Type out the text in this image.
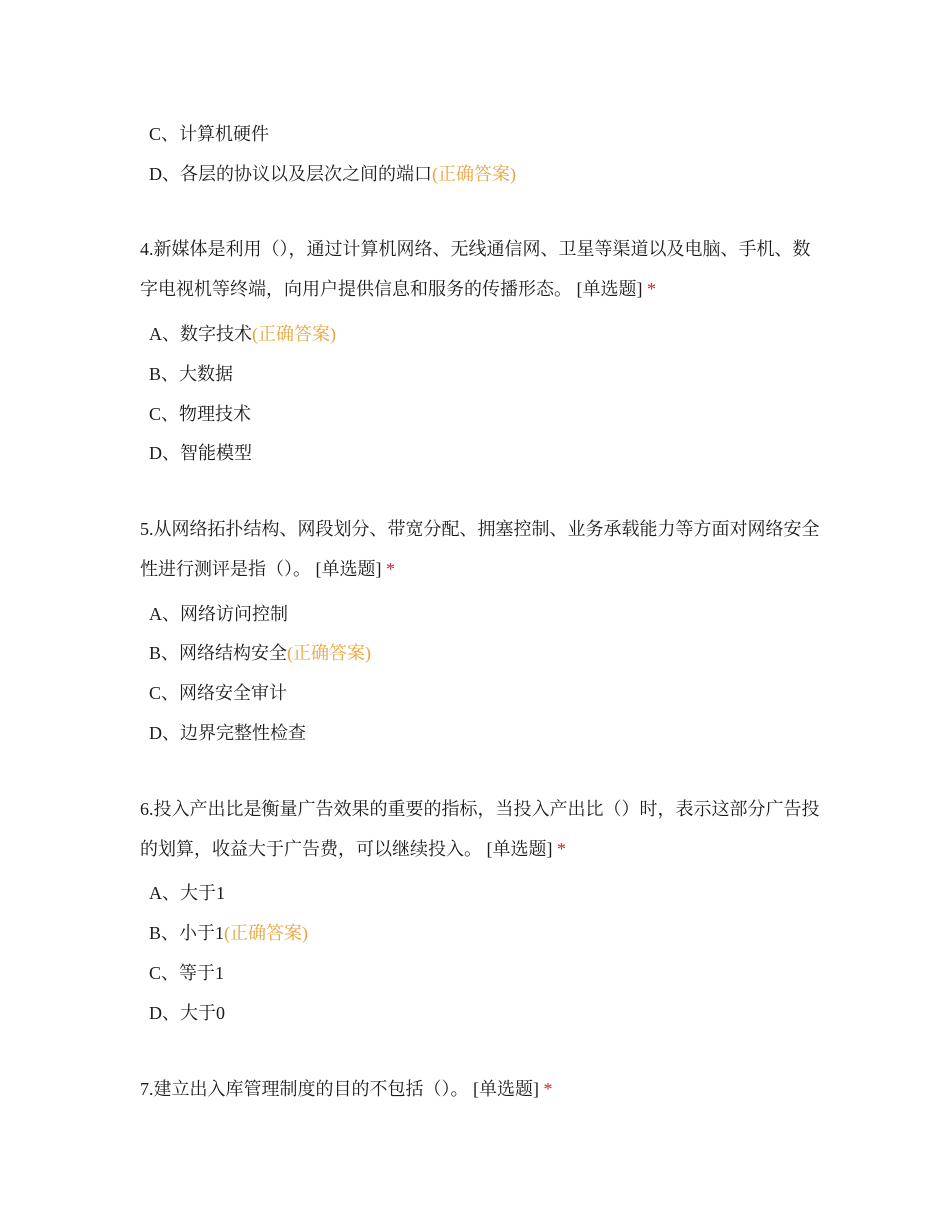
C、计算机硬件
D、各层的协议以及层次之间的端口(正确答案)
4.新媒体是利用（），通过计算机网络、无线通信网、卫星等渠道以及电脑、手机、数字电视机等终端，向用户提供信息和服务的传播形态。 [单选题] *
A、数字技术(正确答案)
B、大数据
C、物理技术
D、智能模型
5.从网络拓扑结构、网段划分、带宽分配、拥塞控制、业务承载能力等方面对网络安全性进行测评是指（）。 [单选题] *
A、网络访问控制
B、网络结构安全(正确答案)
C、网络安全审计
D、边界完整性检查
6.投入产出比是衡量广告效果的重要的指标，当投入产出比（）时，表示这部分广告投的划算，收益大于广告费，可以继续投入。 [单选题] *
A、大于1
B、小于1(正确答案)
C、等于1
D、大于0
7.建立出入库管理制度的目的不包括（）。 [单选题] *
